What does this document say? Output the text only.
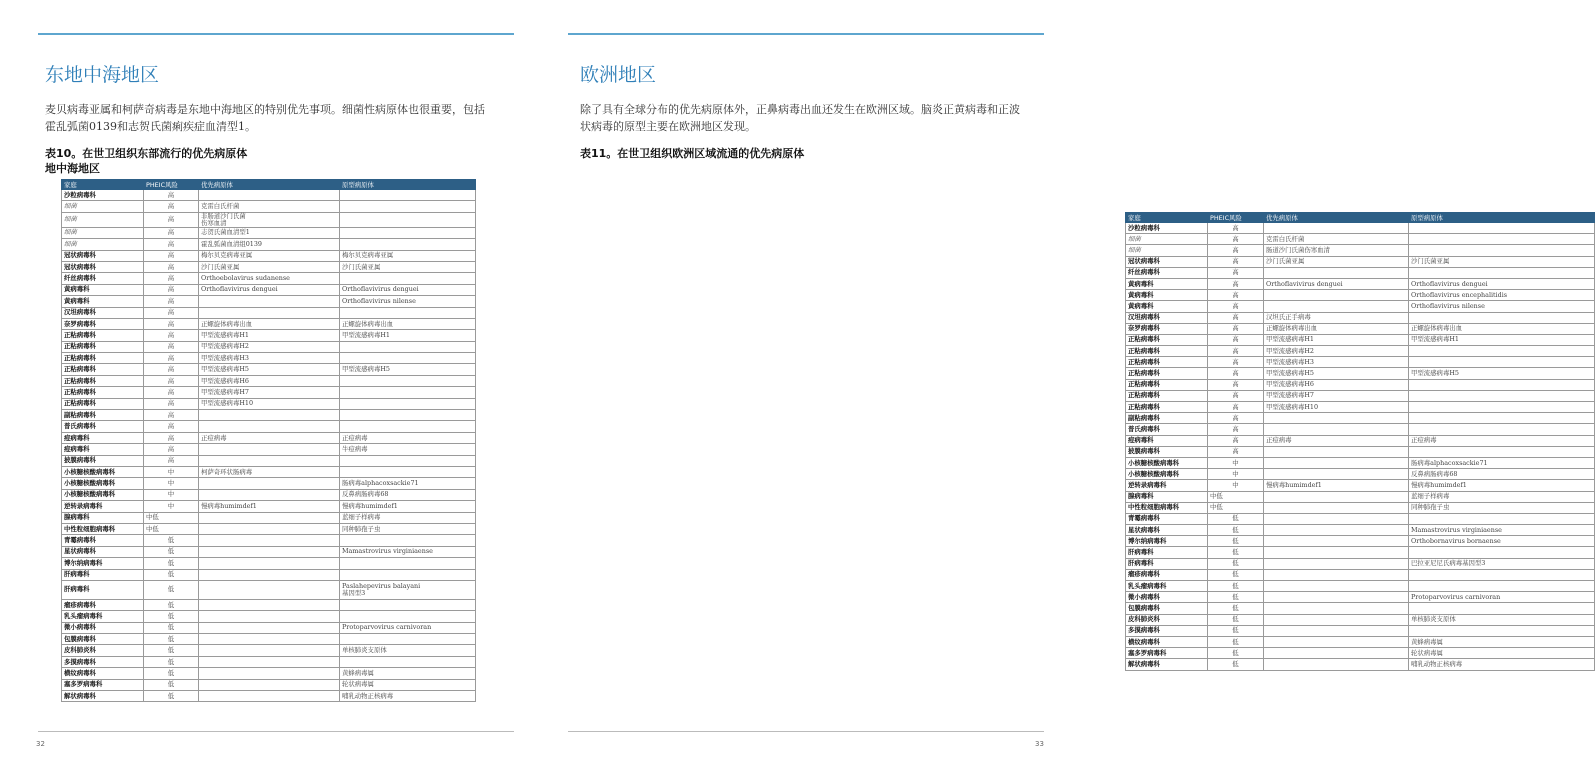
东地中海地区
麦贝病毒亚属和柯萨奇病毒是东地中海地区的特别优先事项。细菌性病原体也很重要，包括霍乱弧菌0139和志贺氏菌痢疾症血清型1。
表10。在世卫组织东部流行的优先病原体
地中海地区
家庭	PHEIC风险	优先病原体	原型病原体
沙粒病毒科	高		
细菌	高	克雷白氏杆菌	
细菌	高	非肠道沙门氏菌
伤寒血清	
细菌	高	志贺氏菌血清型1	
细菌	高	霍乱弧菌血清组0139	
冠状病毒科	高	梅尔贝克病毒亚属	梅尔贝克病毒亚属
冠状病毒科	高	沙门氏菌亚属	沙门氏菌亚属
纤丝病毒科	高	Orthoebolavirus sudanense	
黄病毒科	高	Orthoflavivirus denguei	Orthoflavivirus denguei
黄病毒科	高		Orthoflavivirus nilense
汉坦病毒科	高		
奈罗病毒科	高	正螺旋体病毒出血	正螺旋体病毒出血
正粘病毒科	高	甲型流感病毒H1	甲型流感病毒H1
正粘病毒科	高	甲型流感病毒H2	
正粘病毒科	高	甲型流感病毒H3	
正粘病毒科	高	甲型流感病毒H5	甲型流感病毒H5
正粘病毒科	高	甲型流感病毒H6	
正粘病毒科	高	甲型流感病毒H7	
正粘病毒科	高	甲型流感病毒H10	
副粘病毒科	高		
普氏病毒科	高		
痘病毒科	高	正痘病毒	正痘病毒
痘病毒科	高		牛痘病毒
披膜病毒科	高		
小核糖核酸病毒科	中	柯萨奇环状肠病毒	
小核糖核酸病毒科	中		肠病毒alphacoxsackie71
小核糖核酸病毒科	中		反鼻病肠病毒68
逆转录病毒科	中	慢病毒humimdef1	慢病毒humimdef1
腺病毒科	中低		蓝细子样病毒
中性粒细胞病毒科	中低		同种肺孢子虫
青霉病毒科	低		
星状病毒科	低		Mamastrovirus virginiaense
博尔纳病毒科	低		
肝病毒科	低		
肝病毒科	低		Paslahepevirus balayani
基因型3
瘤疹病毒科	低		
乳头瘤病毒科	低		
微小病毒科	低		Protoparvovirus carnivoran
包膜病毒科	低		
皮科肺炎科	低		单核肺炎支原体
多摸病毒科	低		
横纹病毒科	低		黄蜂病毒属
塞多罗病毒科	低		轮状病毒属
解状病毒科	低		哺乳动物正核病毒
32
欧洲地区
除了具有全球分布的优先病原体外，正鼻病毒出血还发生在欧洲区域。脑炎正黄病毒和正波状病毒的原型主要在欧洲地区发现。
表11。在世卫组织欧洲区域流通的优先病原体
家庭	PHEIC风险	优先病原体	原型病原体
沙粒病毒科	高		
细菌	高	克雷白氏杆菌	
细菌	高	肠道沙门氏菌伤寒血清	
冠状病毒科	高	沙门氏菌亚属	沙门氏菌亚属
纤丝病毒科	高		
黄病毒科	高	Orthoflavivirus denguei	Orthoflavivirus denguei
黄病毒科	高		Orthoflavivirus encephalitidis
黄病毒科	高		Orthoflavivirus nilense
汉坦病毒科	高	汉坦氏正手病毒	
奈罗病毒科	高	正螺旋体病毒出血	正螺旋体病毒出血
正粘病毒科	高	甲型流感病毒H1	甲型流感病毒H1
正粘病毒科	高	甲型流感病毒H2	
正粘病毒科	高	甲型流感病毒H3	
正粘病毒科	高	甲型流感病毒H5	甲型流感病毒H5
正粘病毒科	高	甲型流感病毒H6	
正粘病毒科	高	甲型流感病毒H7	
正粘病毒科	高	甲型流感病毒H10	
副粘病毒科	高		
普氏病毒科	高		
痘病毒科	高	正痘病毒	正痘病毒
披膜病毒科	高		
小核糖核酸病毒科	中		肠病毒alphacoxsackie71
小核糖核酸病毒科	中		反鼻病肠病毒68
逆转录病毒科	中	慢病毒humimdef1	慢病毒humimdef1
腺病毒科	中低		蓝细子样病毒
中性粒细胞病毒科	中低		同种肺孢子虫
青霉病毒科	低		
星状病毒科	低		Mamastrovirus virginiaense
博尔纳病毒科	低		Orthobornavirus bornaense
肝病毒科	低		
肝病毒科	低		巴拉亚尼尼氏病毒基因型3
瘤疹病毒科	低		
乳头瘤病毒科	低		
微小病毒科	低		Protoparvovirus carnivoran
包膜病毒科	低		
皮科肺炎科	低		单核肺炎支原体
多摸病毒科	低		
横纹病毒科	低		黄蜂病毒属
塞多罗病毒科	低		轮状病毒属
解状病毒科	低		哺乳动物正核病毒
33
